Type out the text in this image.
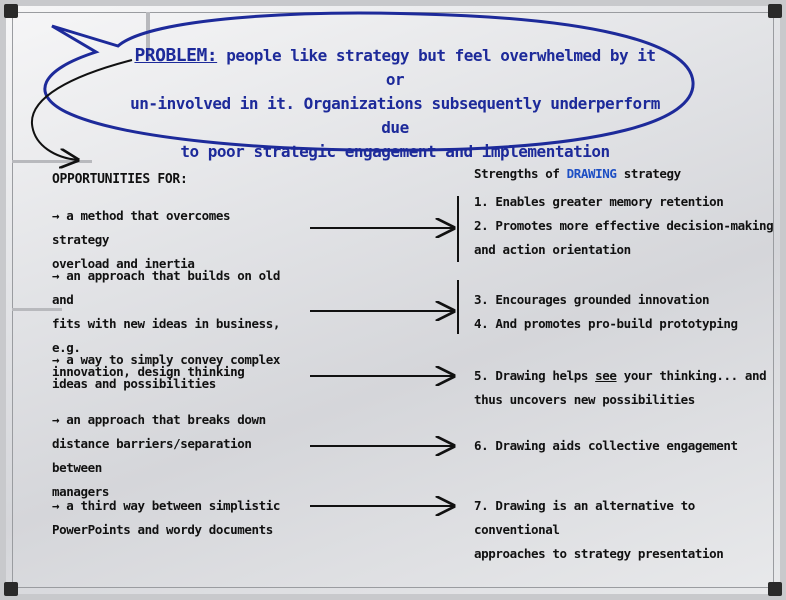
PROBLEM: people like strategy but feel overwhelmed by it or
un-involved in it. Organizations subsequently underperform due
to poor strategic engagement and implementation
OPPORTUNITIES FOR:
→ a method that overcomes strategy
overload and inertia
→ an approach that builds on old and
fits with new ideas in business, e.g.
innovation, design thinking
→ a way to simply convey complex
ideas and possibilities
→ an approach that breaks down
distance barriers/separation between
managers
→ a third way between simplistic
PowerPoints and wordy documents
Strengths of DRAWING strategy
1. Enables greater memory retention
2. Promotes more effective decision-making
and action orientation
3. Encourages grounded innovation
4. And promotes pro-build prototyping
5. Drawing helps see your thinking... and
thus uncovers new possibilities
6. Drawing aids collective engagement
7. Drawing is an alternative to conventional
approaches to strategy presentation
